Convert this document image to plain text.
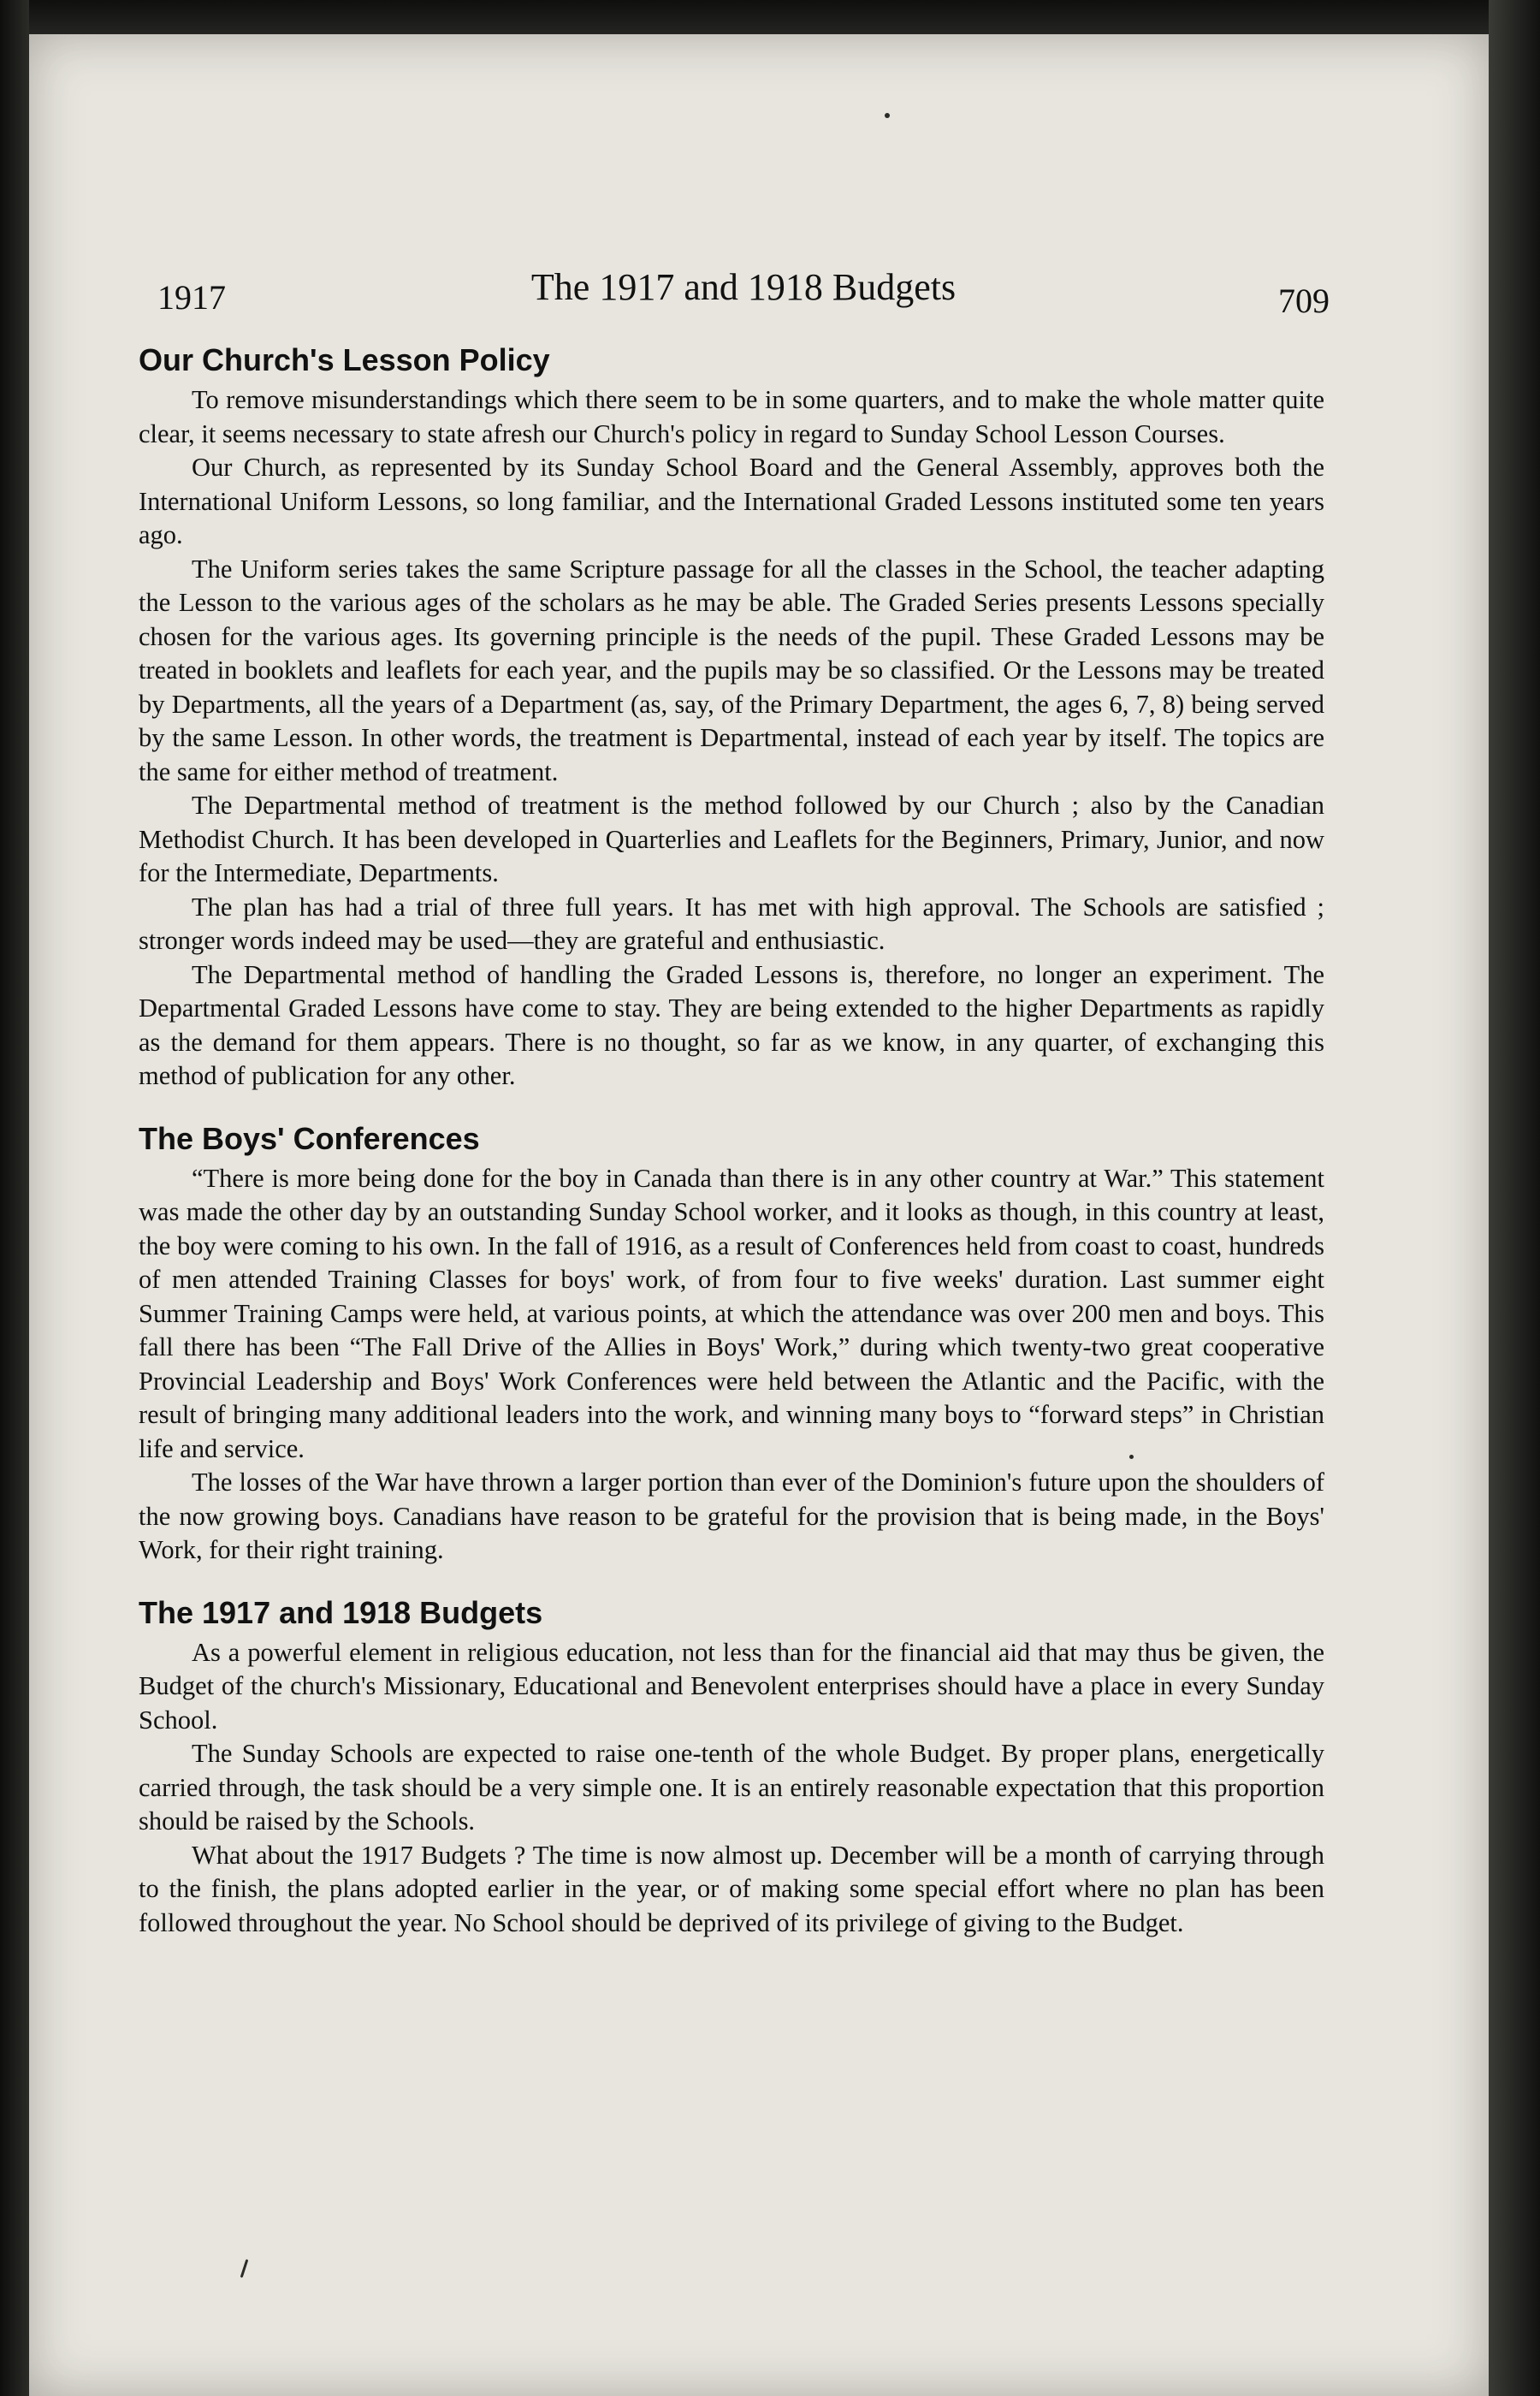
1917	The 1917 and 1918 Budgets	709
Our Church's Lesson Policy

To remove misunderstandings which there seem to be in some quarters, and to make the whole matter quite clear, it seems necessary to state afresh our Church's policy in regard to Sunday School Lesson Courses.

Our Church, as represented by its Sunday School Board and the General Assembly, approves both the International Uniform Lessons, so long familiar, and the International Graded Lessons instituted some ten years ago.

The Uniform series takes the same Scripture passage for all the classes in the School, the teacher adapting the Lesson to the various ages of the scholars as he may be able. The Graded Series presents Lessons specially chosen for the various ages. Its governing principle is the needs of the pupil. These Graded Lessons may be treated in booklets and leaflets for each year, and the pupils may be so classified. Or the Lessons may be treated by Departments, all the years of a Department (as, say, of the Primary Department, the ages 6, 7, 8) being served by the same Lesson. In other words, the treatment is Departmental, instead of each year by itself. The topics are the same for either method of treatment.

The Departmental method of treatment is the method followed by our Church ; also by the Canadian Methodist Church. It has been developed in Quarterlies and Leaflets for the Beginners, Primary, Junior, and now for the Intermediate, Departments.

The plan has had a trial of three full years. It has met with high approval. The Schools are satisfied ; stronger words indeed may be used—they are grateful and enthusiastic.

The Departmental method of handling the Graded Lessons is, therefore, no longer an experiment. The Departmental Graded Lessons have come to stay. They are being extended to the higher Departments as rapidly as the demand for them appears. There is no thought, so far as we know, in any quarter, of exchanging this method of publication for any other.

The Boys' Conferences

“There is more being done for the boy in Canada than there is in any other country at War.” This statement was made the other day by an outstanding Sunday School worker, and it looks as though, in this country at least, the boy were coming to his own. In the fall of 1916, as a result of Conferences held from coast to coast, hundreds of men attended Training Classes for boys' work, of from four to five weeks' duration. Last summer eight Summer Training Camps were held, at various points, at which the attendance was over 200 men and boys. This fall there has been “The Fall Drive of the Allies in Boys' Work,” during which twenty-two great cooperative Provincial Leadership and Boys' Work Conferences were held between the Atlantic and the Pacific, with the result of bringing many additional leaders into the work, and winning many boys to “forward steps” in Christian life and service.

The losses of the War have thrown a larger portion than ever of the Dominion's future upon the shoulders of the now growing boys. Canadians have reason to be grateful for the provision that is being made, in the Boys' Work, for their right training.

The 1917 and 1918 Budgets

As a powerful element in religious education, not less than for the financial aid that may thus be given, the Budget of the church's Missionary, Educational and Benevolent enterprises should have a place in every Sunday School.

The Sunday Schools are expected to raise one-tenth of the whole Budget. By proper plans, energetically carried through, the task should be a very simple one. It is an entirely reasonable expectation that this proportion should be raised by the Schools.

What about the 1917 Budgets ? The time is now almost up. December will be a month of carrying through to the finish, the plans adopted earlier in the year, or of making some special effort where no plan has been followed throughout the year. No School should be deprived of its privilege of giving to the Budget.
